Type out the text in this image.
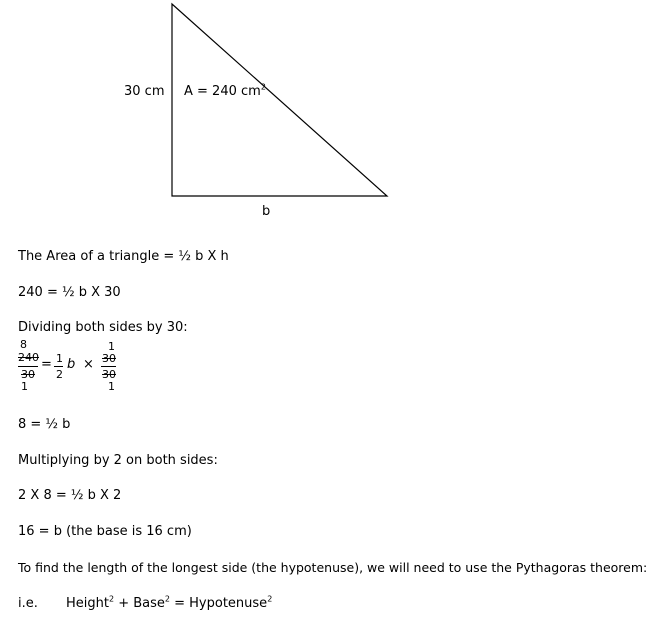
30 cm A = 240 $cm^2$
b
The Area of a triangle = ½ b X h
240 = ½ b X 30
Dividing both sides by 30:
8
240
30
1
= 1
2
b ×
1
30
30
1
8 = ½ b
Multiplying by 2 on both sides:
2 X 8 = ½ b X 2
16 = b (the base is 16 cm)
To find the length of the longest side (the hypotenuse), we will need to use the Pythagoras theorem:
i.e. Height$^2$ + Base$^2$ = Hypotenuse$^2$
